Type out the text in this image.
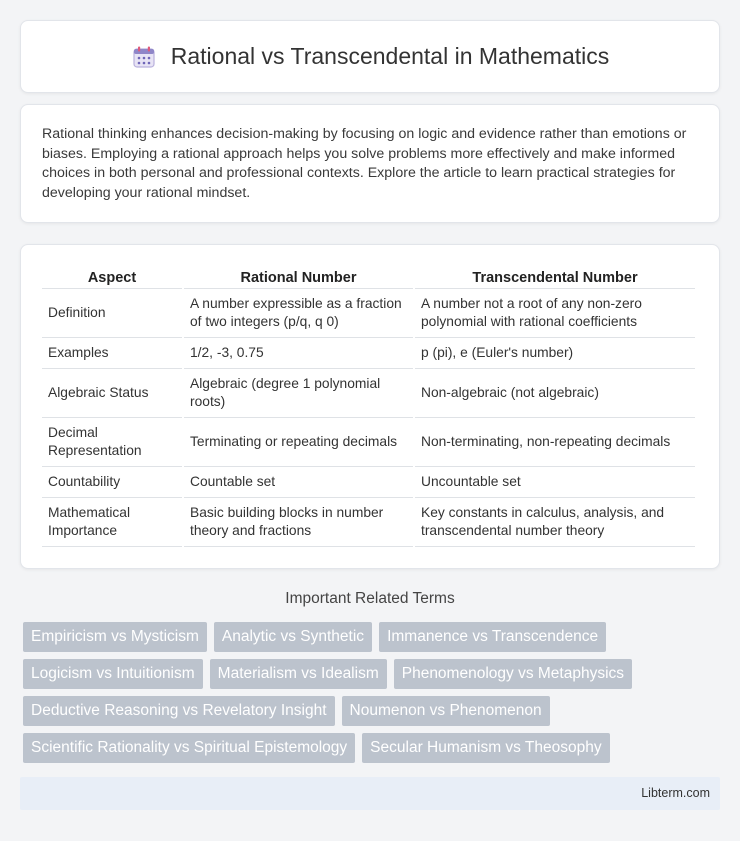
Rational vs Transcendental in Mathematics

Rational thinking enhances decision-making by focusing on logic and evidence rather than emotions or biases. Employing a rational approach helps you solve problems more effectively and make informed choices in both personal and professional contexts. Explore the article to learn practical strategies for developing your rational mindset.

Aspect	Rational Number	Transcendental Number
Definition	A number expressible as a fraction of two integers (p/q, q 0)	A number not a root of any non-zero polynomial with rational coefficients
Examples	1/2, -3, 0.75	p (pi), e (Euler's number)
Algebraic Status	Algebraic (degree 1 polynomial roots)	Non-algebraic (not algebraic)
Decimal Representation	Terminating or repeating decimals	Non-terminating, non-repeating decimals
Countability	Countable set	Uncountable set
Mathematical Importance	Basic building blocks in number theory and fractions	Key constants in calculus, analysis, and transcendental number theory
Important Related Terms
Empiricism vs Mysticism	Analytic vs Synthetic	Immanence vs Transcendence
Logicism vs Intuitionism	Materialism vs Idealism	Phenomenology vs Metaphysics
Deductive Reasoning vs Revelatory Insight	Noumenon vs Phenomenon
Scientific Rationality vs Spiritual Epistemology	Secular Humanism vs Theosophy
Libterm.com
